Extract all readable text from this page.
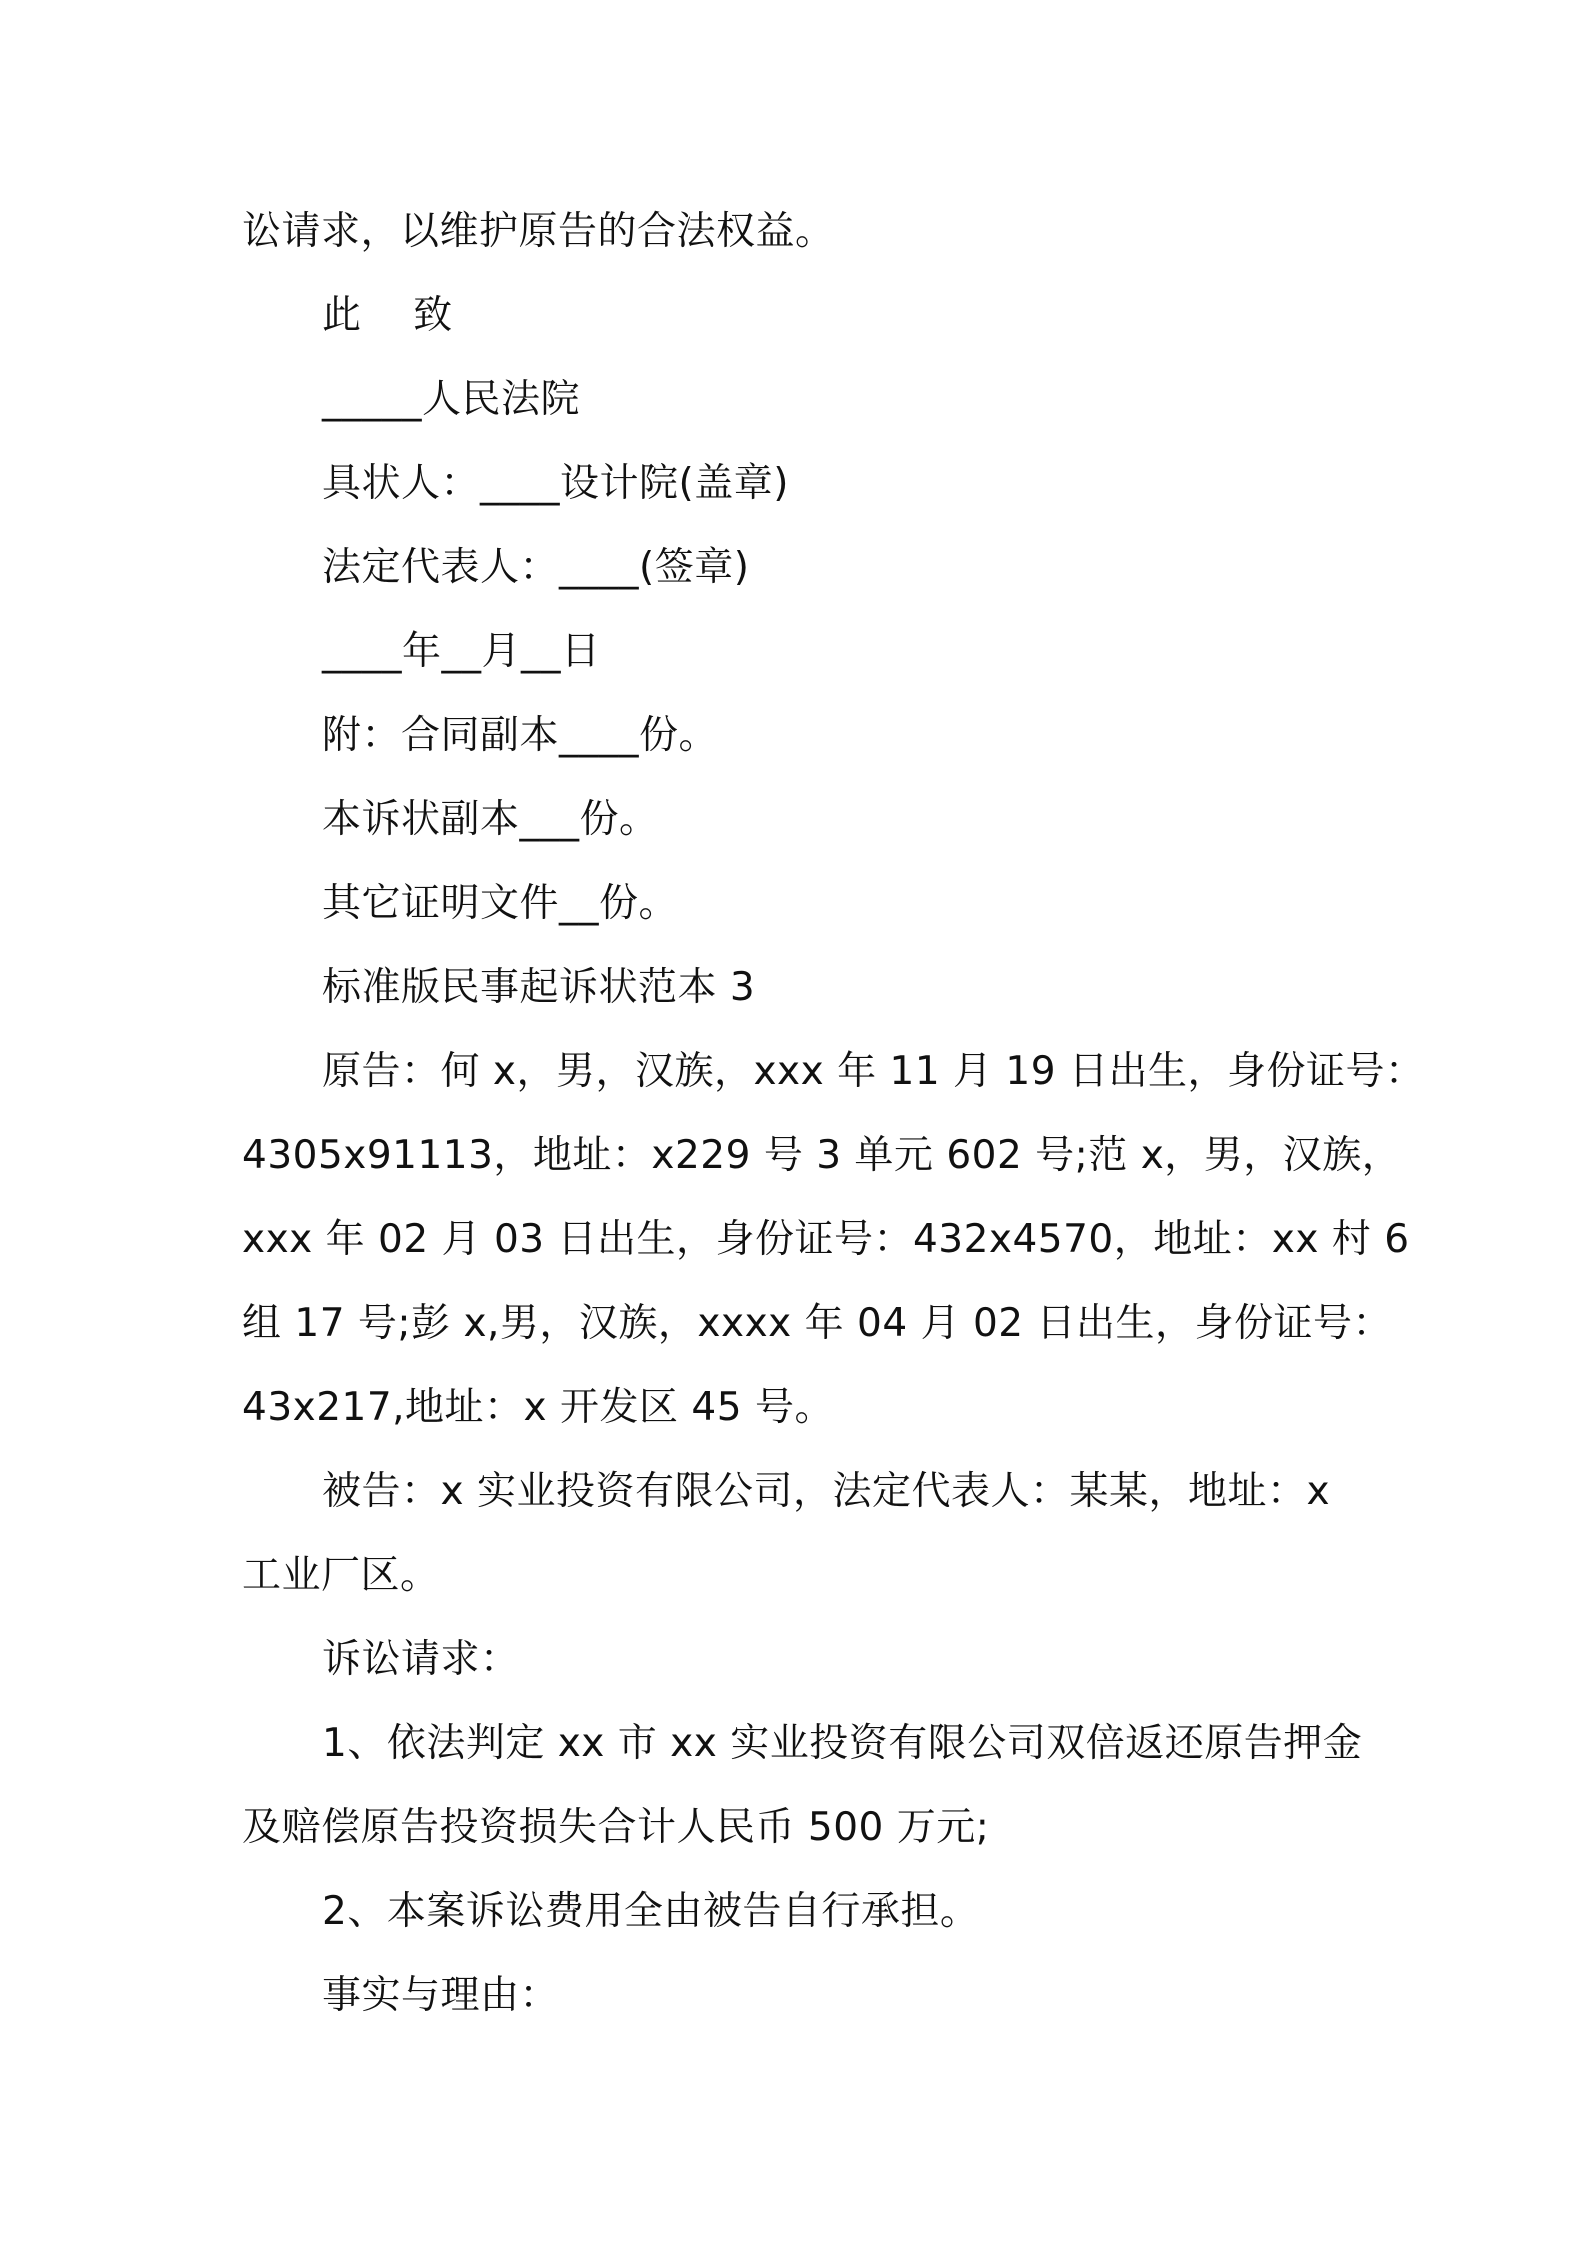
讼请求，以维护原告的合法权益。

此    致

_____人民法院

具状人：____设计院(盖章)

法定代表人：____(签章)

____年__月__日

附：合同副本____份。

本诉状副本___份。

其它证明文件__份。

标准版民事起诉状范本 3

原告：何 x，男，汉族，xxx 年 11 月 19 日出生，身份证号：

4305x91113，地址：x229 号 3 单元 602 号;范 x，男，汉族，

xxx 年 02 月 03 日出生，身份证号：432x4570，地址：xx 村 6

组 17 号;彭 x,男，汉族，xxxx 年 04 月 02 日出生，身份证号：

43x217,地址：x 开发区 45 号。

被告：x 实业投资有限公司，法定代表人：某某，地址：x

工业厂区。

诉讼请求：

1、依法判定 xx 市 xx 实业投资有限公司双倍返还原告押金

及赔偿原告投资损失合计人民币 500 万元;

2、本案诉讼费用全由被告自行承担。

事实与理由：
